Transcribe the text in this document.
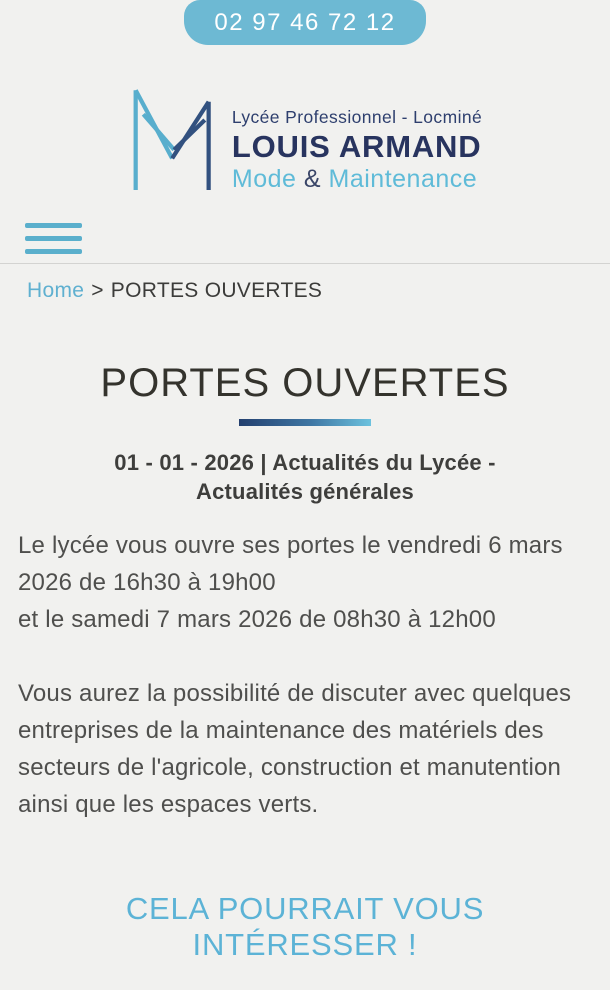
02 97 46 72 12
Lycée Professionnel - Locminé
LOUIS ARMAND
Mode & Maintenance
Home > PORTES OUVERTES
PORTES OUVERTES
01 - 01 - 2026 | Actualités du Lycée - Actualités générales

Le lycée vous ouvre ses portes le vendredi 6 mars 2026 de 16h30 à 19h00
et le samedi 7 mars 2026 de 08h30 à 12h00

Vous aurez la possibilité de discuter avec quelques entreprises de la maintenance des matériels des secteurs de l'agricole, construction et manutention ainsi que les espaces verts.

CELA POURRAIT VOUS INTÉRESSER !
